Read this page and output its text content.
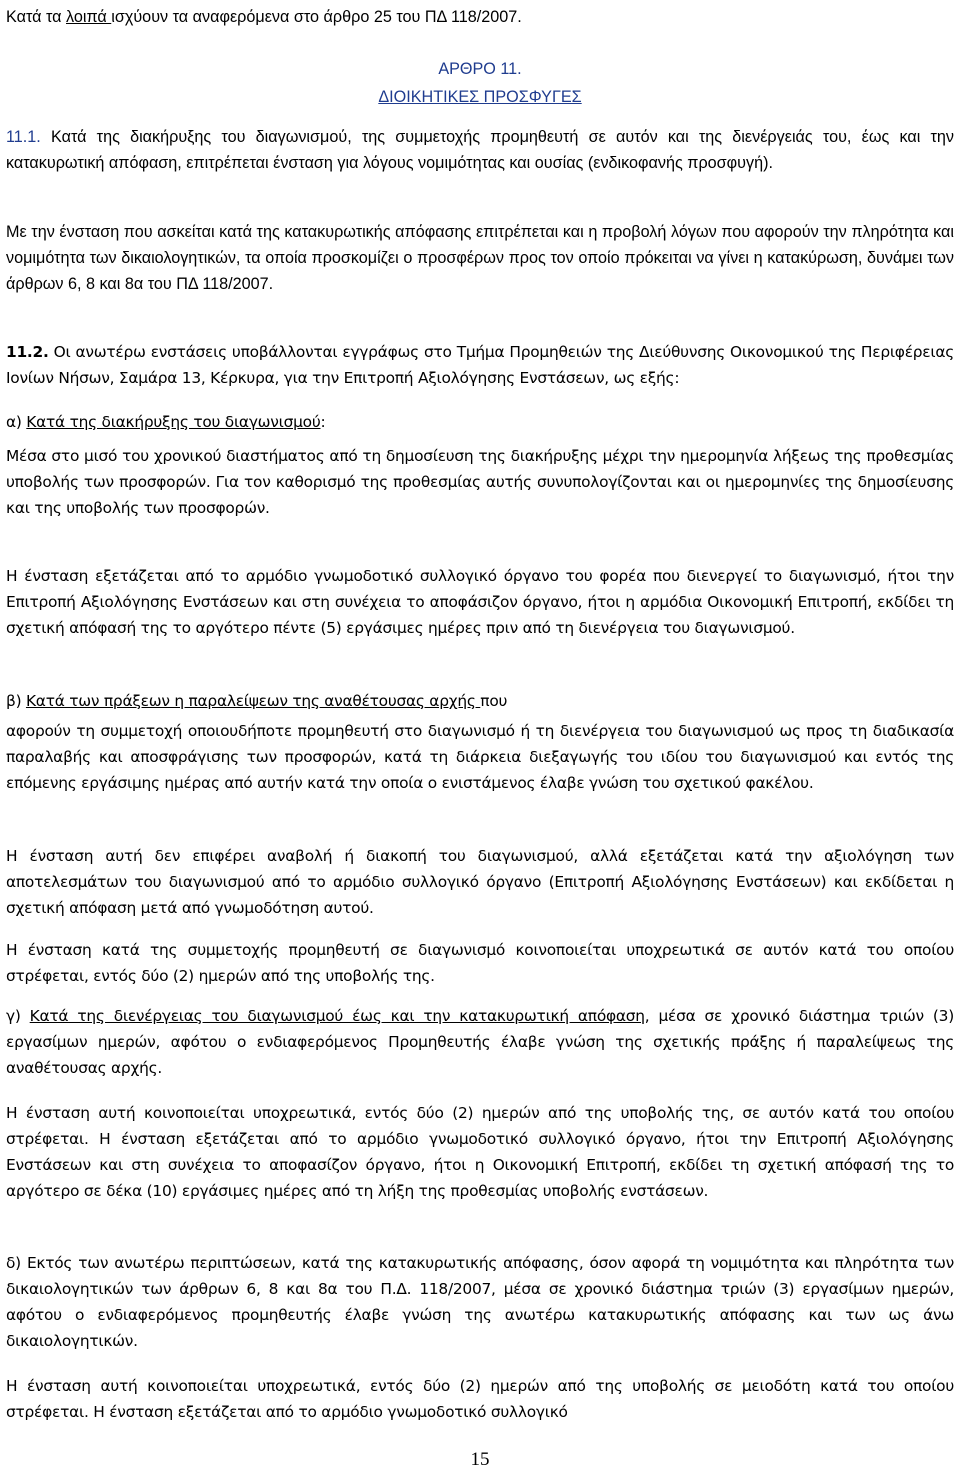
Κατά τα λοιπά ισχύουν τα αναφερόμενα στο άρθρο 25 του ΠΔ 118/2007.

ΑΡΘΡΟ 11.

ΔΙΟΙΚΗΤΙΚΕΣ ΠΡΟΣΦΥΓΕΣ

11.1. Κατά της διακήρυξης του διαγωνισμού, της συμμετοχής προμηθευτή σε αυτόν και της διενέργειάς του, έως και την κατακυρωτική απόφαση, επιτρέπεται ένσταση για λόγους νομιμότητας και ουσίας (ενδικοφανής προσφυγή).

Με την ένσταση που ασκείται κατά της κατακυρωτικής απόφασης επιτρέπεται και η προβολή λόγων που αφορούν την πληρότητα και νομιμότητα των δικαιολογητικών, τα οποία προσκομίζει ο προσφέρων προς τον οποίο πρόκειται να γίνει η κατακύρωση, δυνάμει των άρθρων 6, 8 και 8α του ΠΔ 118/2007.

11.2. Οι ανωτέρω ενστάσεις υποβάλλονται εγγράφως στο Τμήμα Προμηθειών της Διεύθυνσης Οικονομικού της Περιφέρειας Ιονίων Νήσων, Σαμάρα 13, Κέρκυρα, για την Επιτροπή Αξιολόγησης Ενστάσεων, ως εξής:

α) Κατά της διακήρυξης του διαγωνισμού:

Μέσα στο μισό του χρονικού διαστήματος από τη δημοσίευση της διακήρυξης μέχρι την ημερομηνία λήξεως της προθεσμίας υποβολής των προσφορών. Για τον καθορισμό της προθεσμίας αυτής συνυπολογίζονται και οι ημερομηνίες της δημοσίευσης και της υποβολής των προσφορών.

Η ένσταση εξετάζεται από το αρμόδιο γνωμοδοτικό συλλογικό όργανο του φορέα που διενεργεί το διαγωνισμό, ήτοι την Επιτροπή Αξιολόγησης Ενστάσεων και στη συνέχεια το αποφάσιζον όργανο, ήτοι η αρμόδια Οικονομική Επιτροπή, εκδίδει τη σχετική απόφασή της το αργότερο πέντε (5) εργάσιμες ημέρες πριν από τη διενέργεια του διαγωνισμού.

β) Κατά των πράξεων η παραλείψεων της αναθέτουσας αρχής που

αφορούν τη συμμετοχή οποιουδήποτε προμηθευτή στο διαγωνισμό ή τη διενέργεια του διαγωνισμού ως προς τη διαδικασία παραλαβής και αποσφράγισης των προσφορών, κατά τη διάρκεια διεξαγωγής του ιδίου του διαγωνισμού και εντός της επόμενης εργάσιμης ημέρας από αυτήν κατά την οποία ο ενιστάμενος έλαβε γνώση του σχετικού φακέλου.

Η ένσταση αυτή δεν επιφέρει αναβολή ή διακοπή του διαγωνισμού, αλλά εξετάζεται κατά την αξιολόγηση των αποτελεσμάτων του διαγωνισμού από το αρμόδιο συλλογικό όργανο (Επιτροπή Αξιολόγησης Ενστάσεων) και εκδίδεται η σχετική απόφαση μετά από γνωμοδότηση αυτού.

Η ένσταση κατά της συμμετοχής προμηθευτή σε διαγωνισμό κοινοποιείται υποχρεωτικά σε αυτόν κατά του οποίου στρέφεται, εντός δύο (2) ημερών από της υποβολής της.

γ) Κατά της διενέργειας του διαγωνισμού έως και την κατακυρωτική απόφαση, μέσα σε χρονικό διάστημα τριών (3) εργασίμων ημερών, αφότου ο ενδιαφερόμενος Προμηθευτής έλαβε γνώση της σχετικής πράξης ή παραλείψεως της αναθέτουσας αρχής.

Η ένσταση αυτή κοινοποιείται υποχρεωτικά, εντός δύο (2) ημερών από της υποβολής της, σε αυτόν κατά του οποίου στρέφεται. Η ένσταση εξετάζεται από το αρμόδιο γνωμοδοτικό συλλογικό όργανο, ήτοι την Επιτροπή Αξιολόγησης Ενστάσεων και στη συνέχεια το αποφασίζον όργανο, ήτοι η Οικονομική Επιτροπή, εκδίδει τη σχετική απόφασή της το αργότερο σε δέκα (10) εργάσιμες ημέρες από τη λήξη της προθεσμίας υποβολής ενστάσεων.

δ) Εκτός των ανωτέρω περιπτώσεων, κατά της κατακυρωτικής απόφασης, όσον αφορά τη νομιμότητα και πληρότητα των δικαιολογητικών των άρθρων 6, 8 και 8α του Π.Δ. 118/2007, μέσα σε χρονικό διάστημα τριών (3) εργασίμων ημερών, αφότου ο ενδιαφερόμενος προμηθευτής έλαβε γνώση της ανωτέρω κατακυρωτικής απόφασης και των ως άνω δικαιολογητικών.

Η ένσταση αυτή κοινοποιείται υποχρεωτικά, εντός δύο (2) ημερών από της υποβολής σε μειοδότη κατά του οποίου στρέφεται. Η ένσταση εξετάζεται από το αρμόδιο γνωμοδοτικό συλλογικό

15
